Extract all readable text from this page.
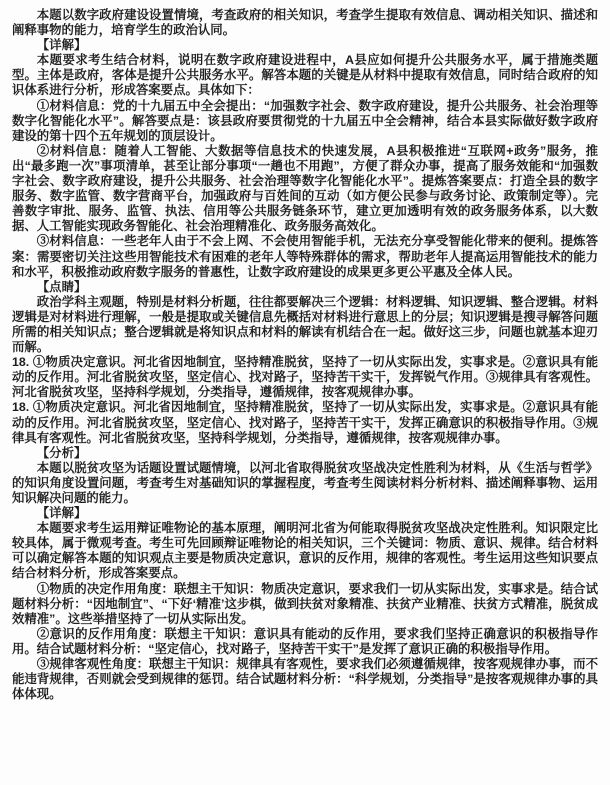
本题以数字政府建设设置情境，考查政府的相关知识，考查学生提取有效信息、调动相关知识、描述和阐释事物的能力，培育学生的政治认同。

【详解】

本题要求考生结合材料，说明在数字政府建设进程中，A县应如何提升公共服务水平，属于措施类题型。主体是政府，客体是提升公共服务水平。解答本题的关键是从材料中提取有效信息，同时结合政府的知识体系进行分析，形成答案要点。具体如下：

①材料信息：党的十九届五中全会提出：“加强数字社会、数字政府建设，提升公共服务、社会治理等数字化智能化水平”。解答要点是：该县政府要贯彻党的十九届五中全会精神，结合本县实际做好数字政府建设的第十四个五年规划的顶层设计。

②材料信息：随着人工智能、大数据等信息技术的快速发展，A县积极推进“互联网+政务”服务，推出“最多跑一次”事项清单，甚至让部分事项“一趟也不用跑”，方便了群众办事，提高了服务效能和“加强数字社会、数字政府建设，提升公共服务、社会治理等数字化智能化水平”。提炼答案要点：打造全县的数字服务、数字监管、数字营商平台，加强政府与百姓间的互动（如方便公民参与政务讨论、政策制定等）。完善数字审批、服务、监管、执法、信用等公共服务链条环节，建立更加透明有效的政务服务体系，以大数据、人工智能实现政务智能化、社会治理精准化、政务服务高效化。

③材料信息：一些老年人由于不会上网、不会使用智能手机，无法充分享受智能化带来的便利。提炼答案：需要密切关注这些用智能技术有困难的老年人等特殊群体的需求，帮助老年人提高运用智能技术的能力和水平，积极推动政府数字服务的普惠性，让数字政府建设的成果更多更公平惠及全体人民。

【点睛】

政治学科主观题，特别是材料分析题，往往都要解决三个逻辑：材料逻辑、知识逻辑、整合逻辑。材料逻辑是对材料进行理解，一般是提取或关键信息先概括对材料进行意思上的分层；知识逻辑是搜寻解答问题所需的相关知识点；整合逻辑就是将知识点和材料的解读有机结合在一起。做好这三步，问题也就基本迎刃而解。

18. ①物质决定意识。河北省因地制宜，坚持精准脱贫，坚持了一切从实际出发，实事求是。②意识具有能动的反作用。河北省脱贫攻坚，坚定信心、找对路子，坚持苦干实干，发挥锐气作用。③规律具有客观性。河北省脱贫攻坚，坚持科学规划，分类指导，遵循规律，按客观规律办事。

18. ①物质决定意识。河北省因地制宜，坚持精准脱贫，坚持了一切从实际出发，实事求是。②意识具有能动的反作用。河北省脱贫攻坚，坚定信心、找对路子，坚持苦干实干，发挥正确意识的积极指导作用。③规律具有客观性。河北省脱贫攻坚，坚持科学规划，分类指导，遵循规律，按客观规律办事。

【分析】

本题以脱贫攻坚为话题设置试题情境，以河北省取得脱贫攻坚战决定性胜利为材料，从《生活与哲学》的知识角度设置问题，考查考生对基础知识的掌握程度，考查考生阅读材料分析材料、描述阐释事物、运用知识解决问题的能力。

【详解】

本题要求考生运用辩证唯物论的基本原理，阐明河北省为何能取得脱贫攻坚战决定性胜利。知识限定比较具体，属于微观考查。考生可先回顾辩证唯物论的相关知识，三个关键词：物质、意识、规律。结合材料可以确定解答本题的知识观点主要是物质决定意识，意识的反作用，规律的客观性。考生运用这些知识要点结合材料分析，形成答案要点。

①物质的决定作用角度：联想主干知识：物质决定意识，要求我们一切从实际出发，实事求是。结合试题材料分析：“因地制宜”、“下好‘精准’这步棋，做到扶贫对象精准、扶贫产业精准、扶贫方式精准，脱贫成效精准”。这些举措坚持了一切从实际出发。

②意识的反作用角度：联想主干知识：意识具有能动的反作用，要求我们坚持正确意识的积极指导作用。结合试题材料分析：“坚定信心，找对路子，坚持苦干实干”是发挥了意识正确的积极指导作用。

③规律客观性角度：联想主干知识：规律具有客观性，要求我们必须遵循规律，按客观规律办事，而不能违背规律，否则就会受到规律的惩罚。结合试题材料分析：“科学规划，分类指导”是按客观规律办事的具体体现。
